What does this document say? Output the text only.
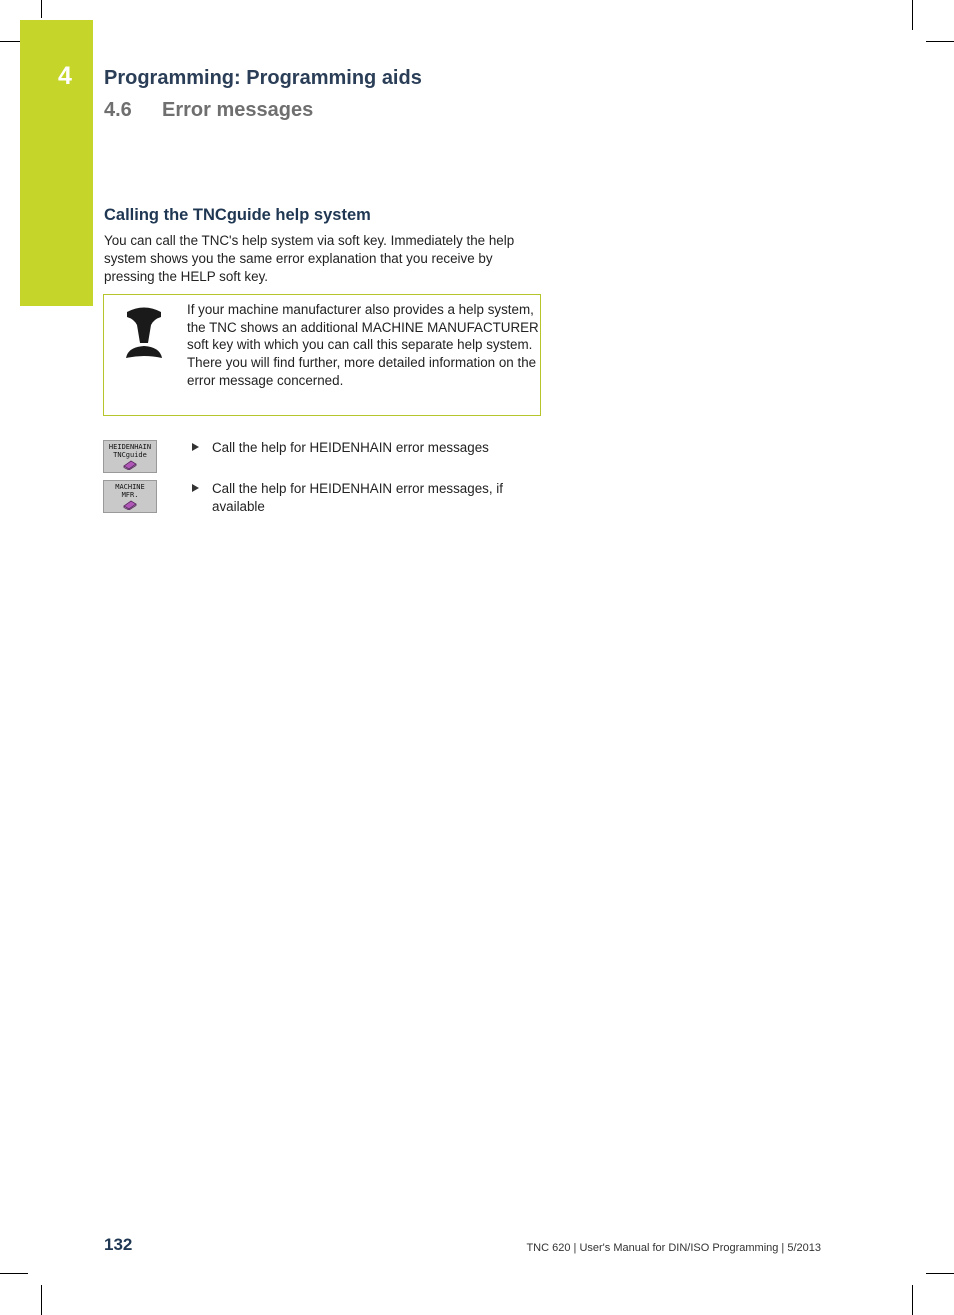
4 Programming: Programming aids
4.6 Error messages
Calling the TNCguide help system
You can call the TNC's help system via soft key. Immediately the help system shows you the same error explanation that you receive by pressing the HELP soft key.
If your machine manufacturer also provides a help system, the TNC shows an additional MACHINE MANUFACTURER soft key with which you can call this separate help system. There you will find further, more detailed information on the error message concerned.
HEIDENHAIN
TNCguide	Call the help for HEIDENHAIN error messages
MACHINE
MFR.	Call the help for HEIDENHAIN error messages, if available
132	TNC 620 | User's Manual for DIN/ISO Programming | 5/2013
